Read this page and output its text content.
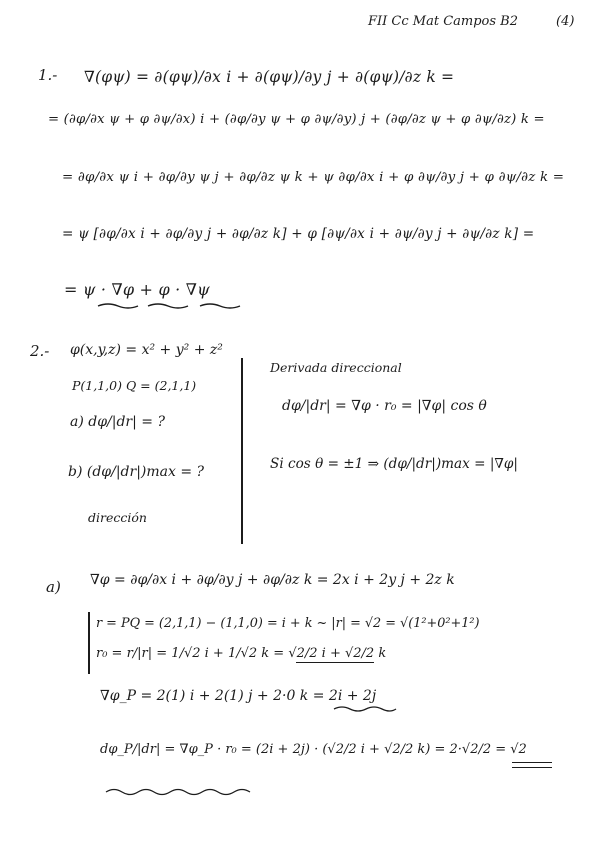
FII Cc Mat Campos B2	(4)
1.- ∇(φψ) = ∂(φψ)/∂x i + ∂(φψ)/∂y j + ∂(φψ)/∂z k =
= (∂φ/∂x ψ + φ ∂ψ/∂x) i + (∂φ/∂y ψ + φ ∂ψ/∂y) j + (∂φ/∂z ψ + φ ∂ψ/∂z) k =
= ∂φ/∂x ψ i + ∂φ/∂y ψ j + ∂φ/∂z ψ k + ψ ∂φ/∂x i + φ ∂ψ/∂y j + φ ∂ψ/∂z k =
= ψ [∂φ/∂x i + ∂φ/∂y j + ∂φ/∂z k] + φ [∂ψ/∂x i + ∂ψ/∂y j + ∂ψ/∂z k] =
= ψ · ∇φ + φ · ∇ψ
2.- φ(x,y,z) = x² + y² + z²
P(1,1,0) Q = (2,1,1)
a) dφ/|dr| = ?
b) (dφ/|dr|)max = ?
dirección
Derivada direccional
dφ/|dr| = ∇φ · r₀ = |∇φ| cos θ
Si cos θ = ±1 ⇒ (dφ/|dr|)max = |∇φ|
a) ∇φ = ∂φ/∂x i + ∂φ/∂y j + ∂φ/∂z k = 2x i + 2y j + 2z k
r = PQ = (2,1,1) − (1,1,0) = i + k ~ |r| = √2 = √(1²+0²+1²)
r₀ = r/|r| = 1/√2 i + 1/√2 k = √2/2 i + √2/2 k
∇φ_P = 2(1) i + 2(1) j + 2·0 k = 2i + 2j
dφ_P/|dr| = ∇φ_P · r₀ = (2i + 2j) · (√2/2 i + √2/2 k) = 2·√2/2 = √2
